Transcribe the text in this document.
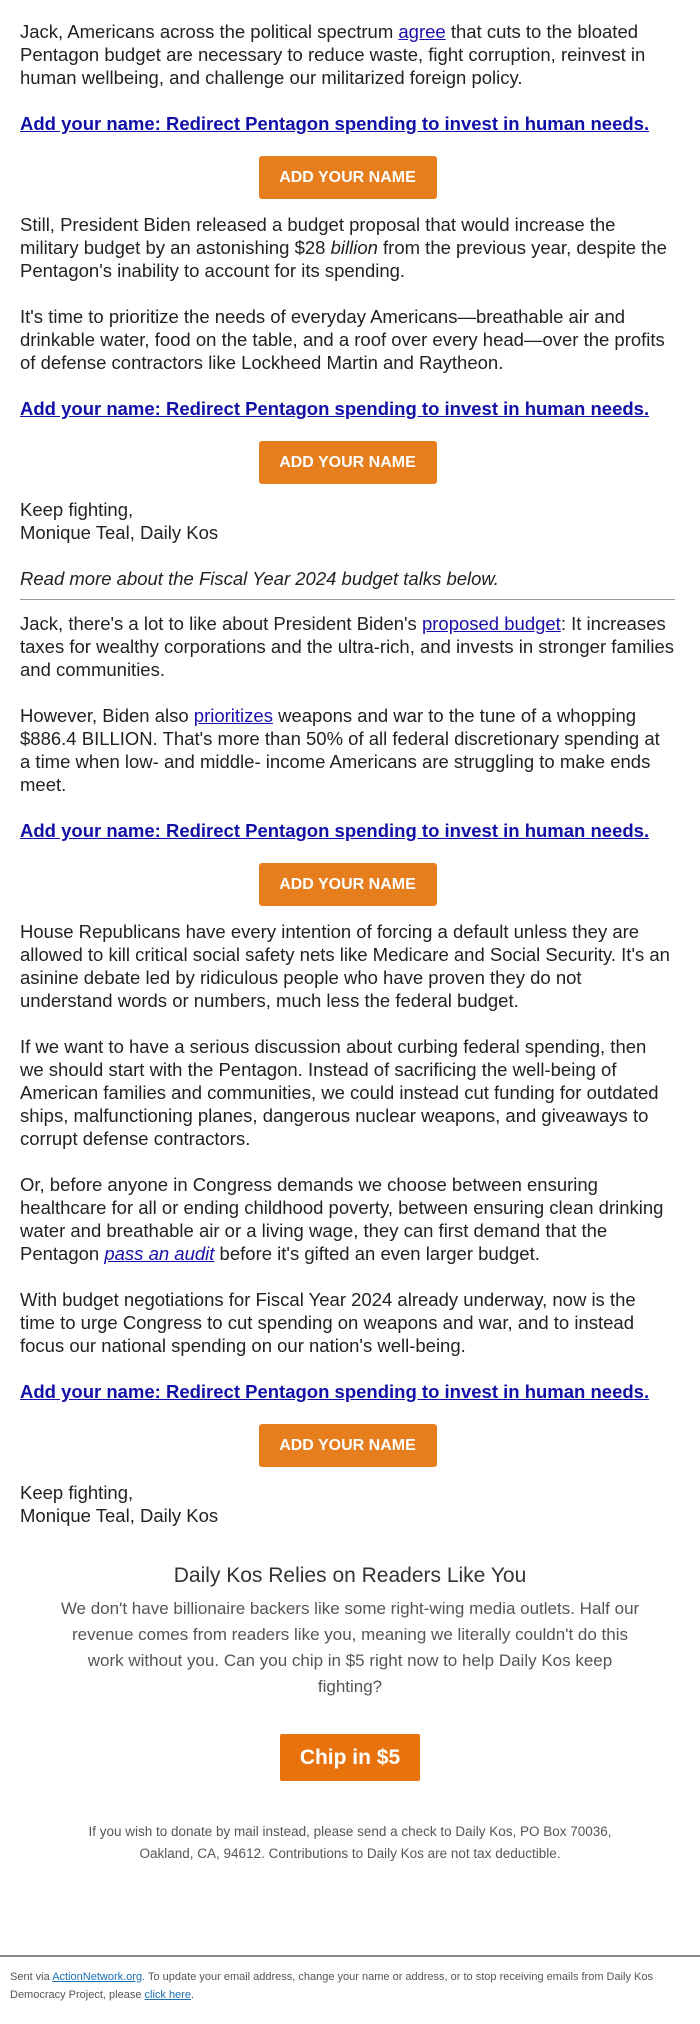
Jack, Americans across the political spectrum agree that cuts to the bloated Pentagon budget are necessary to reduce waste, fight corruption, reinvest in human wellbeing, and challenge our militarized foreign policy.

Add your name: Redirect Pentagon spending to invest in human needs.

ADD YOUR NAME

Still, President Biden released a budget proposal that would increase the military budget by an astonishing $28 billion from the previous year, despite the Pentagon's inability to account for its spending.

It's time to prioritize the needs of everyday Americans—breathable air and drinkable water, food on the table, and a roof over every head—over the profits of defense contractors like Lockheed Martin and Raytheon.

Add your name: Redirect Pentagon spending to invest in human needs.

ADD YOUR NAME

Keep fighting,
Monique Teal, Daily Kos

Read more about the Fiscal Year 2024 budget talks below.

Jack, there's a lot to like about President Biden's proposed budget: It increases taxes for wealthy corporations and the ultra-rich, and invests in stronger families and communities.

However, Biden also prioritizes weapons and war to the tune of a whopping $886.4 BILLION. That's more than 50% of all federal discretionary spending at a time when low- and middle- income Americans are struggling to make ends meet.

Add your name: Redirect Pentagon spending to invest in human needs.

ADD YOUR NAME

House Republicans have every intention of forcing a default unless they are allowed to kill critical social safety nets like Medicare and Social Security. It's an asinine debate led by ridiculous people who have proven they do not understand words or numbers, much less the federal budget.

If we want to have a serious discussion about curbing federal spending, then we should start with the Pentagon. Instead of sacrificing the well-being of American families and communities, we could instead cut funding for outdated ships, malfunctioning planes, dangerous nuclear weapons, and giveaways to corrupt defense contractors.

Or, before anyone in Congress demands we choose between ensuring healthcare for all or ending childhood poverty, between ensuring clean drinking water and breathable air or a living wage, they can first demand that the Pentagon pass an audit before it's gifted an even larger budget.

With budget negotiations for Fiscal Year 2024 already underway, now is the time to urge Congress to cut spending on weapons and war, and to instead focus our national spending on our nation's well-being.

Add your name: Redirect Pentagon spending to invest in human needs.

ADD YOUR NAME

Keep fighting,
Monique Teal, Daily Kos

Daily Kos Relies on Readers Like You
We don't have billionaire backers like some right-wing media outlets. Half our revenue comes from readers like you, meaning we literally couldn't do this work without you. Can you chip in $5 right now to help Daily Kos keep fighting?
Chip in $5
If you wish to donate by mail instead, please send a check to Daily Kos, PO Box 70036, Oakland, CA, 94612. Contributions to Daily Kos are not tax deductible.
Sent via ActionNetwork.org. To update your email address, change your name or address, or to stop receiving emails from Daily Kos Democracy Project, please click here.
